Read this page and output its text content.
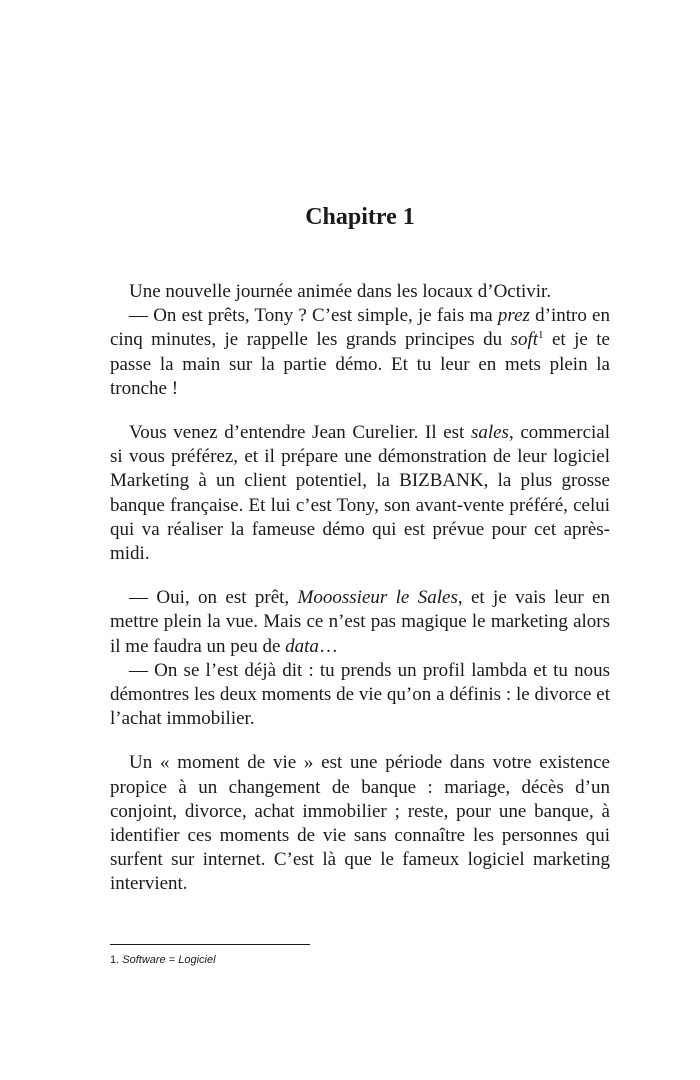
Chapitre 1

Une nouvelle journée animée dans les locaux d’Octivir.

— On est prêts, Tony ? C’est simple, je fais ma prez d’intro en cinq minutes, je rappelle les grands principes du soft$^1$ et je te passe la main sur la partie démo. Et tu leur en mets plein la tronche !

Vous venez d’entendre Jean Curelier. Il est sales, commercial si vous préférez, et il prépare une démonstration de leur logiciel Marketing à un client potentiel, la BIZBANK, la plus grosse banque française. Et lui c’est Tony, son avant-vente préféré, celui qui va réaliser la fameuse démo qui est prévue pour cet après-midi.

— Oui, on est prêt, Mooossieur le Sales, et je vais leur en mettre plein la vue. Mais ce n’est pas magique le marketing alors il me faudra un peu de data…

— On se l’est déjà dit : tu prends un profil lambda et tu nous démontres les deux moments de vie qu’on a définis : le divorce et l’achat immobilier.

Un « moment de vie » est une période dans votre existence propice à un changement de banque : mariage, décès d’un conjoint, divorce, achat immobilier ; reste, pour une banque, à identifier ces moments de vie sans connaître les personnes qui surfent sur internet. C’est là que le fameux logiciel marketing intervient.

1. Software = Logiciel
